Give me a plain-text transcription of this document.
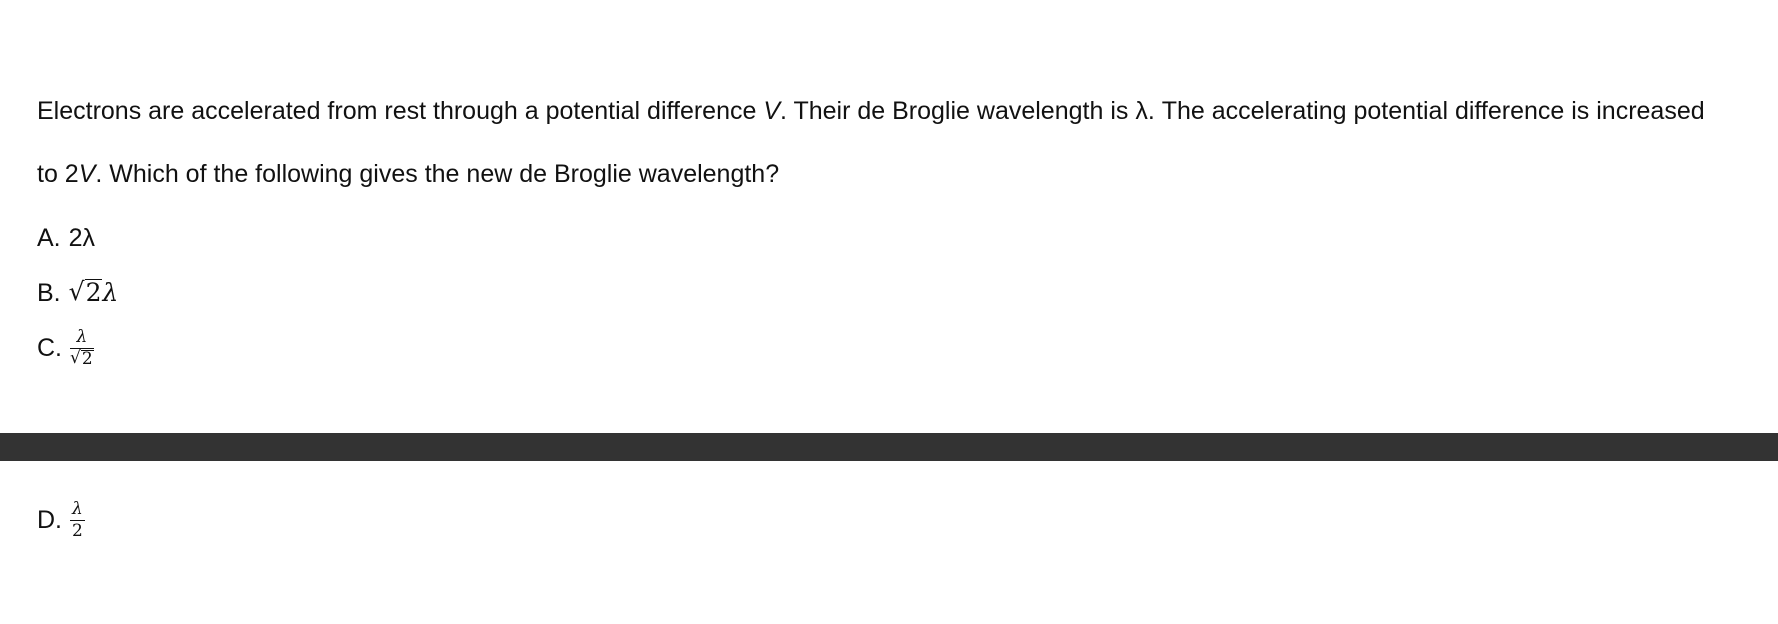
Electrons are accelerated from rest through a potential difference V. Their de Broglie wavelength is λ. The accelerating potential difference is increased
to 2V. Which of the following gives the new de Broglie wavelength?
A. 2λ
B. √ 2 λ
C. $\frac{\lambda}{√ 2}$
D. $\frac{\lambda}{2}$
